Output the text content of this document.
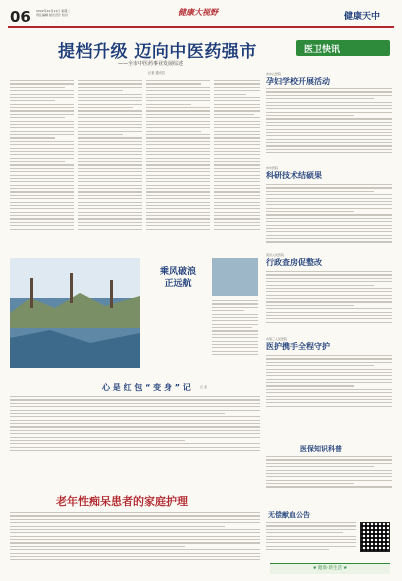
06 2022年10月11日 星期二
责任编辑 版式设计 校对	健康大视野	健康天中
提档升级 迈向中医药强市
——全市中医药事业发展综述
记者 通讯员
医卫快讯
市中心医院
孕妇学校开展活动
市中医院
科研技术结硕果
某县人民医院
行政查房促整改
市第三人民医院
医护携手全程守护
乘风破浪
正远航
心 是 红 包 “ 变 身 ” 记	记 者
老年性痴呆患者的家庭护理
医保知识科普
无偿献血公告
❦ 健康·新生活 ❦
